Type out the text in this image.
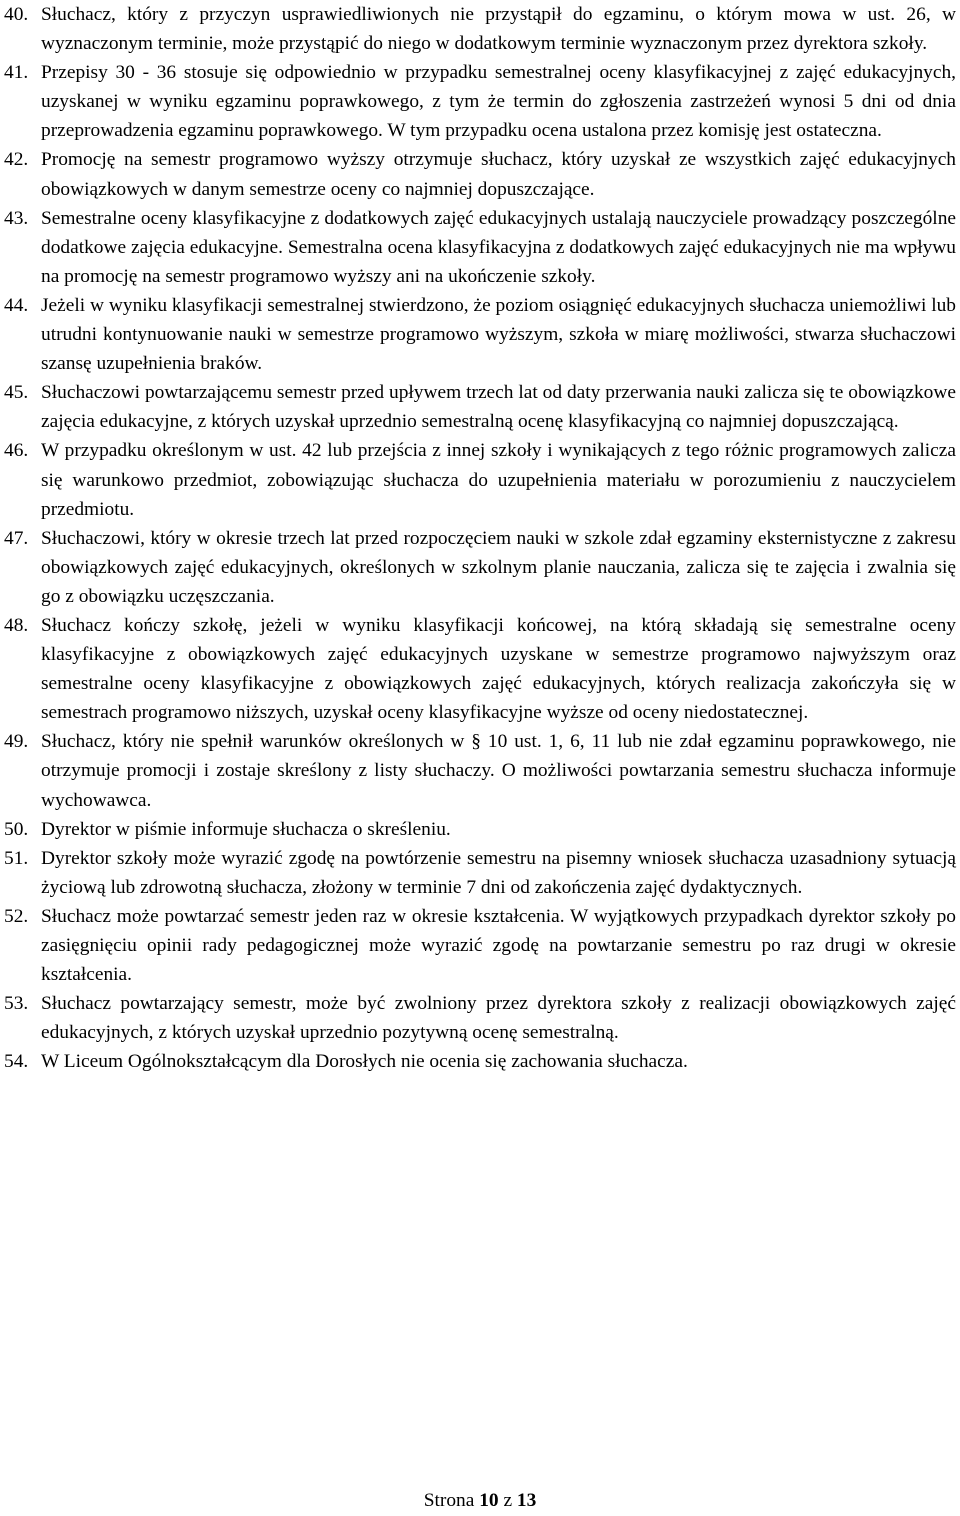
40. Słuchacz, który z przyczyn usprawiedliwionych nie przystąpił do egzaminu, o którym mowa w ust. 26, w wyznaczonym terminie, może przystąpić do niego w dodatkowym terminie wyznaczonym przez dyrektora szkoły.
41. Przepisy 30 - 36 stosuje się odpowiednio w przypadku semestralnej oceny klasyfikacyjnej z zajęć edukacyjnych, uzyskanej w wyniku egzaminu poprawkowego, z tym że termin do zgłoszenia zastrzeżeń wynosi 5 dni od dnia przeprowadzenia egzaminu poprawkowego. W tym przypadku ocena ustalona przez komisję jest ostateczna.
42. Promocję na semestr programowo wyższy otrzymuje słuchacz, który uzyskał ze wszystkich zajęć edukacyjnych obowiązkowych w danym semestrze oceny co najmniej dopuszczające.
43. Semestralne oceny klasyfikacyjne z dodatkowych zajęć edukacyjnych ustalają nauczyciele prowadzący poszczególne dodatkowe zajęcia edukacyjne. Semestralna ocena klasyfikacyjna z dodatkowych zajęć edukacyjnych nie ma wpływu na promocję na semestr programowo wyższy ani na ukończenie szkoły.
44. Jeżeli w wyniku klasyfikacji semestralnej stwierdzono, że poziom osiągnięć edukacyjnych słuchacza uniemożliwi lub utrudni kontynuowanie nauki w semestrze programowo wyższym, szkoła w miarę możliwości, stwarza słuchaczowi szansę uzupełnienia braków.
45. Słuchaczowi powtarzającemu semestr przed upływem trzech lat od daty przerwania nauki zalicza się te obowiązkowe zajęcia edukacyjne, z których uzyskał uprzednio semestralną ocenę klasyfikacyjną co najmniej dopuszczającą.
46. W przypadku określonym w ust. 42 lub przejścia z innej szkoły i wynikających z tego różnic programowych zalicza się warunkowo przedmiot, zobowiązując słuchacza do uzupełnienia materiału w porozumieniu z nauczycielem przedmiotu.
47. Słuchaczowi, który w okresie trzech lat przed rozpoczęciem nauki w szkole zdał egzaminy eksternistyczne z zakresu obowiązkowych zajęć edukacyjnych, określonych w szkolnym planie nauczania, zalicza się te zajęcia i zwalnia się go z obowiązku uczęszczania.
48. Słuchacz kończy szkołę, jeżeli w wyniku klasyfikacji końcowej, na którą składają się semestralne oceny klasyfikacyjne z obowiązkowych zajęć edukacyjnych uzyskane w semestrze programowo najwyższym oraz semestralne oceny klasyfikacyjne z obowiązkowych zajęć edukacyjnych, których realizacja zakończyła się w semestrach programowo niższych, uzyskał oceny klasyfikacyjne wyższe od oceny niedostatecznej.
49. Słuchacz, który nie spełnił warunków określonych w § 10 ust. 1, 6, 11 lub nie zdał egzaminu poprawkowego, nie otrzymuje promocji i zostaje skreślony z listy słuchaczy. O możliwości powtarzania semestru słuchacza informuje wychowawca.
50. Dyrektor w piśmie informuje słuchacza o skreśleniu.
51. Dyrektor szkoły może wyrazić zgodę na powtórzenie semestru na pisemny wniosek słuchacza uzasadniony sytuacją życiową lub zdrowotną słuchacza, złożony w terminie 7 dni od zakończenia zajęć dydaktycznych.
52. Słuchacz może powtarzać semestr jeden raz w okresie kształcenia. W wyjątkowych przypadkach dyrektor szkoły po zasięgnięciu opinii rady pedagogicznej może wyrazić zgodę na powtarzanie semestru po raz drugi w okresie kształcenia.
53. Słuchacz powtarzający semestr, może być zwolniony przez dyrektora szkoły z realizacji obowiązkowych zajęć edukacyjnych, z których uzyskał uprzednio pozytywną ocenę semestralną.
54. W Liceum Ogólnokształcącym dla Dorosłych nie ocenia się zachowania słuchacza.
Strona 10 z 13
